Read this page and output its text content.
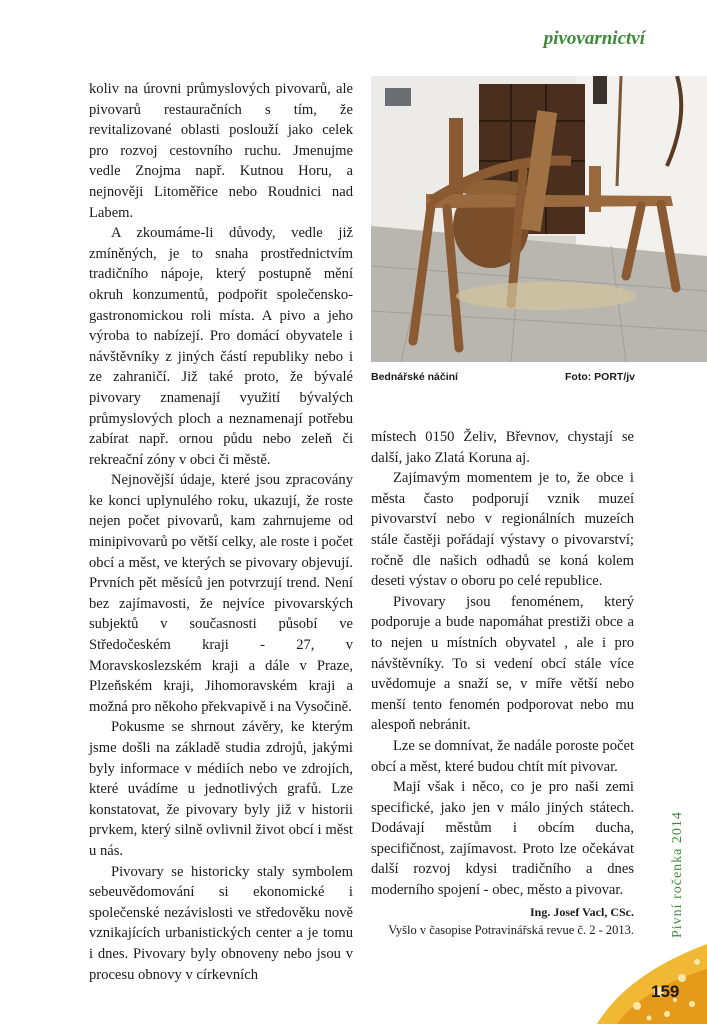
pivovarnictví

koliv na úrovni průmyslových pivovarů, ale pivovarů restauračních s tím, že revitalizované oblasti poslouží jako celek pro rozvoj cestovního ruchu. Jmenujme vedle Znojma např. Kutnou Horu, a nejnověji Litoměřice nebo Roudnici nad Labem.

A zkoumáme-li důvody, vedle již zmíněných, je to snaha prostřednictvím tradičního nápoje, který postupně mění okruh konzumentů, podpořit společensko-gastronomickou roli místa. A pivo a jeho výroba to nabízejí. Pro domácí obyvatele i návštěvníky z jiných částí republiky nebo i ze zahraničí. Již také proto, že bývalé pivovary znamenají využití bývalých průmyslových ploch a neznamenají potřebu zabírat např. ornou půdu nebo zeleň či rekreační zóny v obci či městě.

Nejnovější údaje, které jsou zpracovány ke konci uplynulého roku, ukazují, že roste nejen počet pivovarů, kam zahrnujeme od minipivovarů po větší celky, ale roste i počet obcí a měst, ve kterých se pivovary objevují. Prvních pět měsíců jen potvrzují trend. Není bez zajímavosti, že nejvíce pivovarských subjektů v současnosti působí ve Středočeském kraji - 27, v Moravskoslezském kraji a dále v Praze, Plzeňském kraji, Jihomoravském kraji a možná pro někoho překvapivě i na Vysočině.

Pokusme se shrnout závěry, ke kterým jsme došli na základě studia zdrojů, jakými byly informace v médiích nebo ve zdrojích, které uvádíme u jednotlivých grafů. Lze konstatovat, že pivovary byly již v historii prvkem, který silně ovlivnil život obcí i měst u nás.

Pivovary se historicky staly symbolem sebeuvědomování si ekonomické i společenské nezávislosti ve středověku nově vznikajících urbanistických center a je tomu i dnes. Pivovary byly obnoveny nebo jsou v procesu obnovy v církevních

Bednářské náčiní	Foto: PORT/jv

místech 0150 Želiv, Břevnov, chystají se další, jako Zlatá Koruna aj.

Zajímavým momentem je to, že obce i města často podporují vznik muzeí pivovarství nebo v regionálních muzeích stále častěji pořádají výstavy o pivovarství; ročně dle našich odhadů se koná kolem deseti výstav o oboru po celé republice.

Pivovary jsou fenoménem, který podporuje a bude napomáhat prestiži obce a to nejen u místních obyvatel , ale i pro návštěvníky. To si vedení obcí stále více uvědomuje a snaží se, v míře větší nebo menší tento fenomén podporovat nebo mu alespoň nebránit.

Lze se domnívat, že nadále poroste počet obcí a měst, které budou chtít mít pivovar.

Mají však i něco, co je pro naši zemi specifické, jako jen v málo jiných státech. Dodávají městům i obcím ducha, specifičnost, zajímavost. Proto lze očekávat další rozvoj kdysi tradičního a dnes moderního spojení - obec, město a pivovar.

Ing. Josef Vacl, CSc.

Vyšlo v časopise Potravinářská revue č. 2 - 2013.	Pivní ročenka 2014
159
